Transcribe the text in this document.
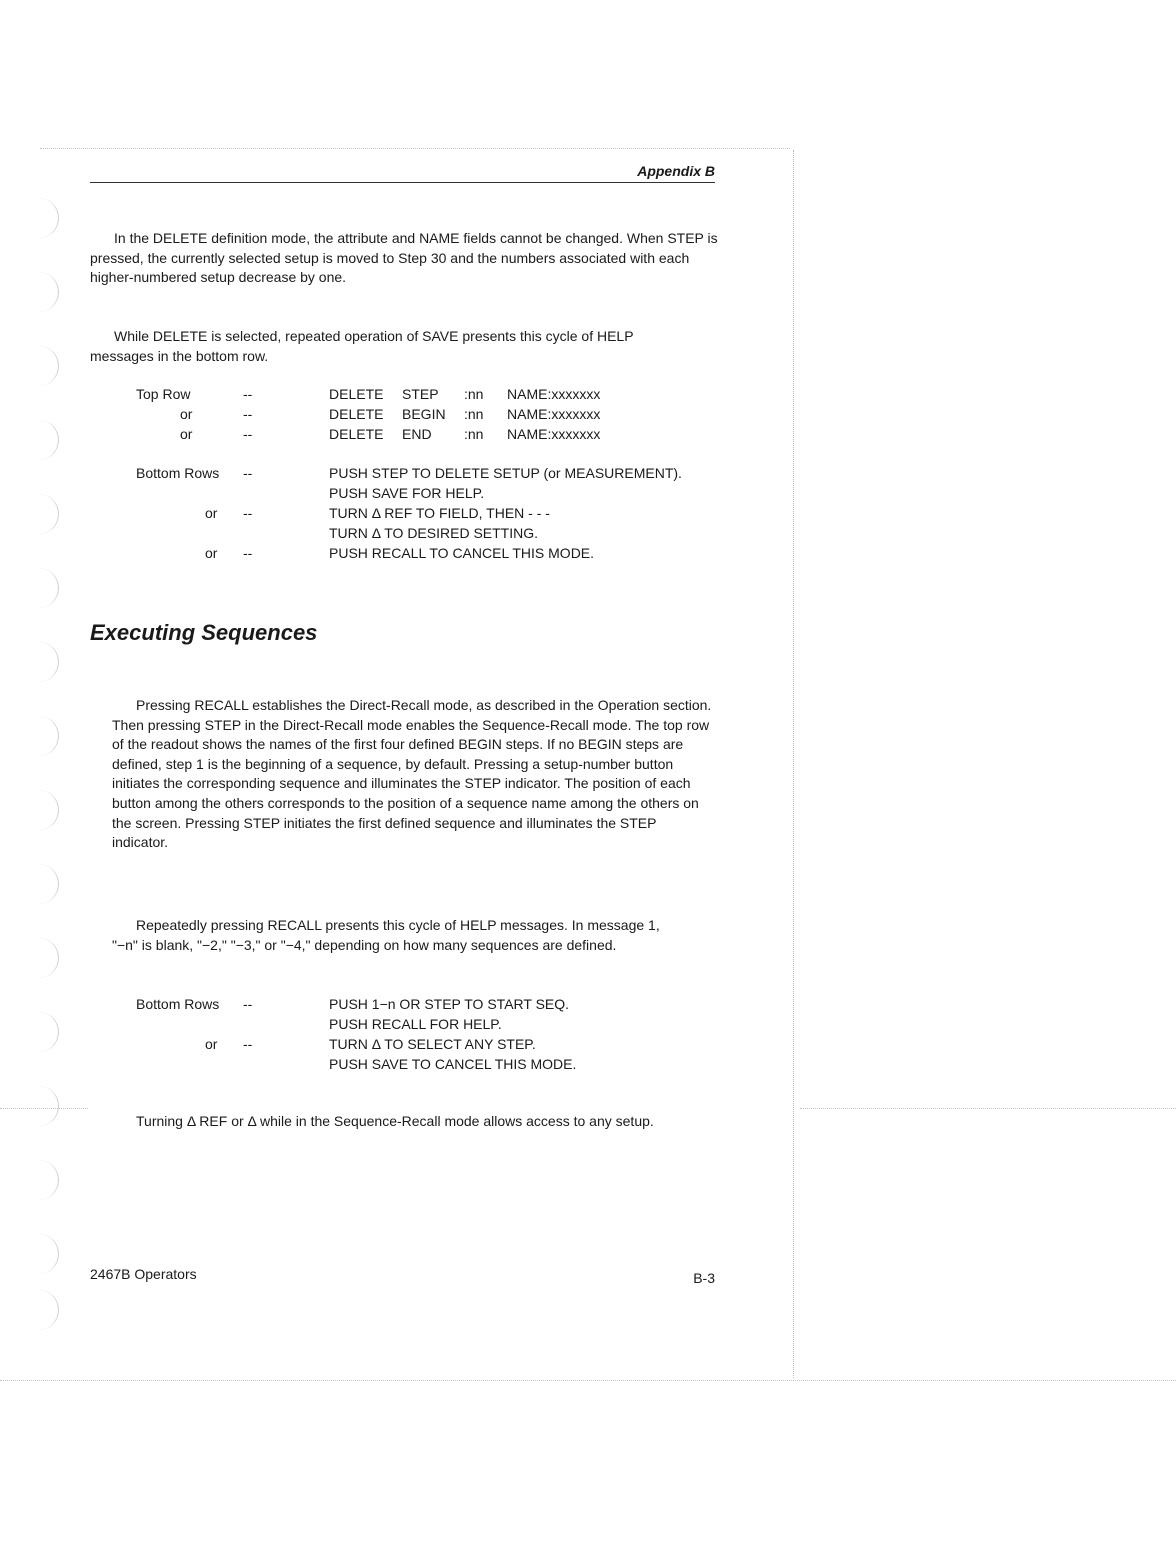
Appendix B

In the DELETE definition mode, the attribute and NAME fields cannot be changed. When STEP is pressed, the currently selected setup is moved to Step 30 and the numbers associated with each higher-numbered setup decrease by one.

While DELETE is selected, repeated operation of SAVE presents this cycle of HELP messages in the bottom row.

Top Row	--	DELETE STEP :nn NAME:xxxxxxx
or	--	DELETE BEGIN :nn NAME:xxxxxxx
or	--	DELETE END :nn NAME:xxxxxxx
Bottom Rows --	PUSH STEP TO DELETE SETUP (or MEASUREMENT).
PUSH SAVE FOR HELP.
or --	TURN Δ REF TO FIELD, THEN - - -
TURN Δ TO DESIRED SETTING.
or --	PUSH RECALL TO CANCEL THIS MODE.
Executing Sequences

Pressing RECALL establishes the Direct-Recall mode, as described in the Operation section. Then pressing STEP in the Direct-Recall mode enables the Sequence-Recall mode. The top row of the readout shows the names of the first four defined BEGIN steps. If no BEGIN steps are defined, step 1 is the beginning of a sequence, by default. Pressing a setup-number button initiates the corresponding sequence and illuminates the STEP indicator. The position of each button among the others corresponds to the position of a sequence name among the others on the screen. Pressing STEP initiates the first defined sequence and illuminates the STEP indicator.

Repeatedly pressing RECALL presents this cycle of HELP messages. In message 1, "−n" is blank, "−2," "−3," or "−4," depending on how many sequences are defined.

Bottom Rows --	PUSH 1−n OR STEP TO START SEQ.
PUSH RECALL FOR HELP.
or --	TURN Δ TO SELECT ANY STEP.
PUSH SAVE TO CANCEL THIS MODE.

Turning Δ REF or Δ while in the Sequence-Recall mode allows access to any setup.

2467B Operators	B-3
